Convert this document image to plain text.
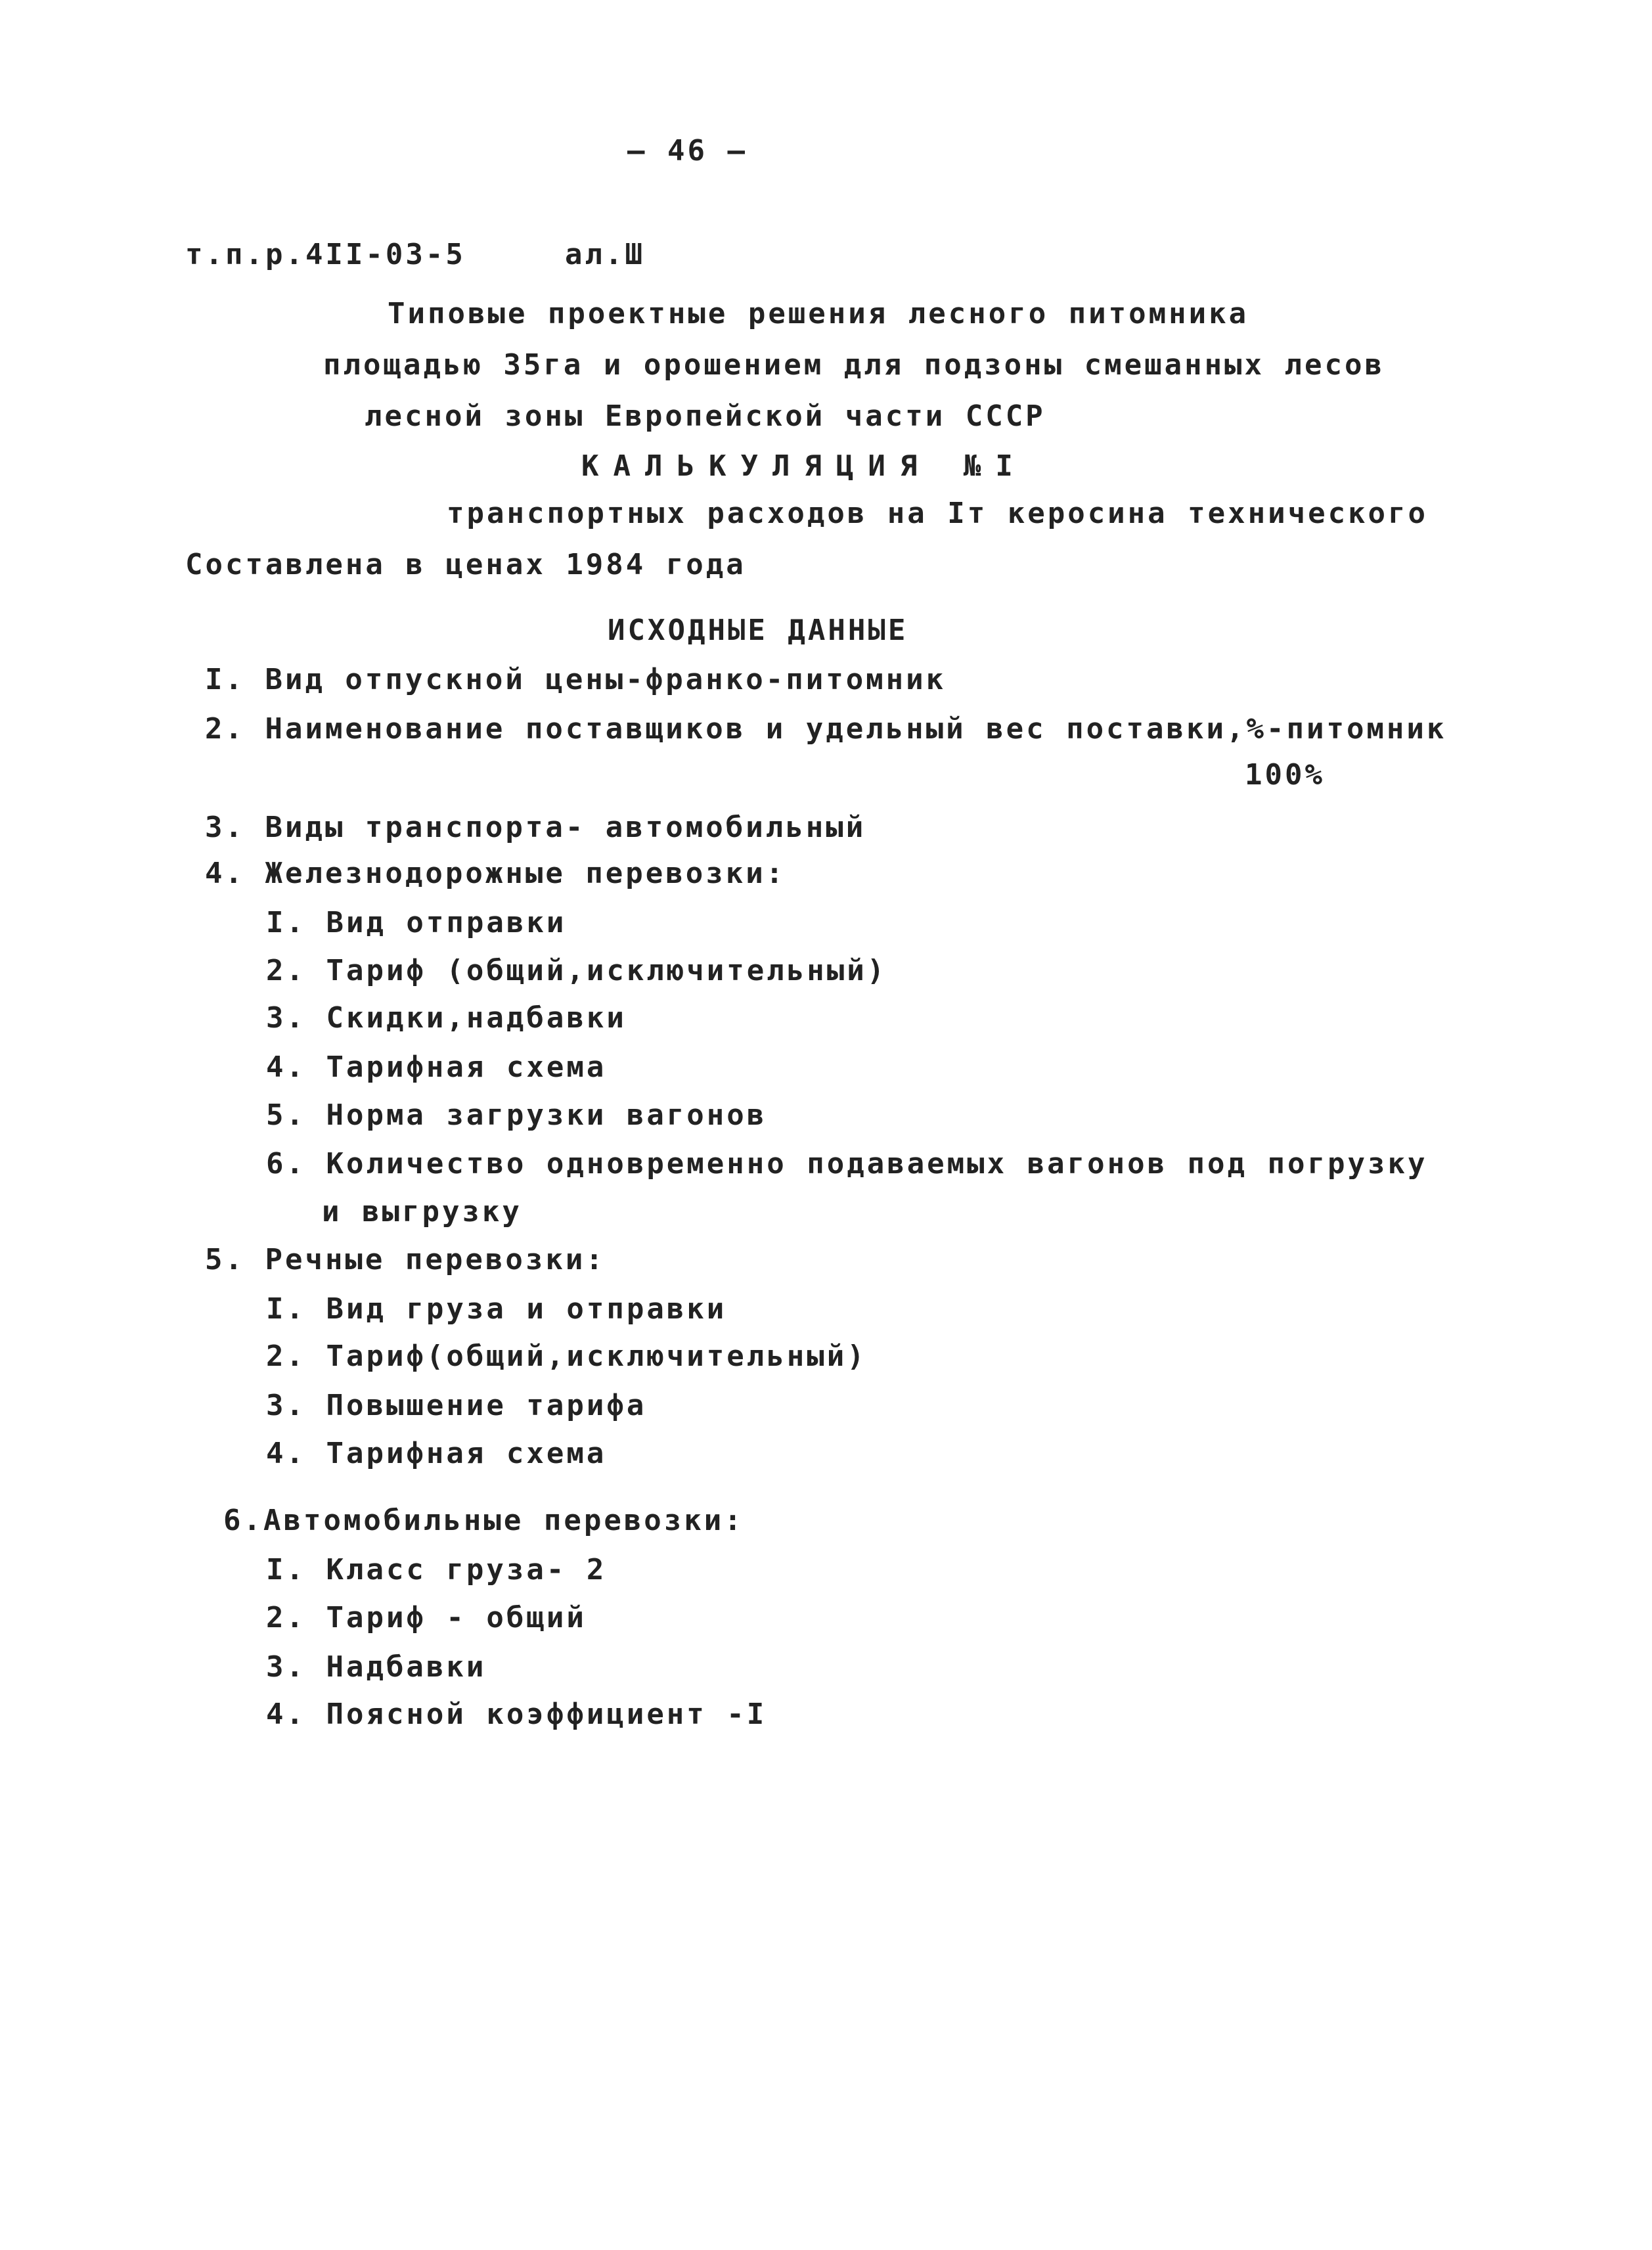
– 46 –
т.п.р.4II-03-5	ал.Ш
Типовые проектные решения лесного питомника
площадью 35га и орошением для подзоны смешанных лесов
лесной зоны Европейской части СССР
КАЛЬКУЛЯЦИЯ №I
транспортных расходов на Iт керосина технического
Составлена в ценах 1984 года
ИСХОДНЫЕ ДАННЫЕ
I. Вид отпускной цены-франко-питомник
2. Наименование поставщиков и удельный вес поставки,%-питомник
100%
3. Виды транспорта- автомобильный
4. Железнодорожные перевозки:
I. Вид отправки
2. Тариф (общий,исключительный)
3. Скидки,надбавки
4. Тарифная схема
5. Норма загрузки вагонов
6. Количество одновременно подаваемых вагонов под погрузку
и выгрузку
5. Речные перевозки:
I. Вид груза и отправки
2. Тариф(общий,исключительный)
3. Повышение тарифа
4. Тарифная схема
6.Автомобильные перевозки:
I. Класс груза- 2
2. Тариф - общий
3. Надбавки
4. Поясной коэффициент -I
